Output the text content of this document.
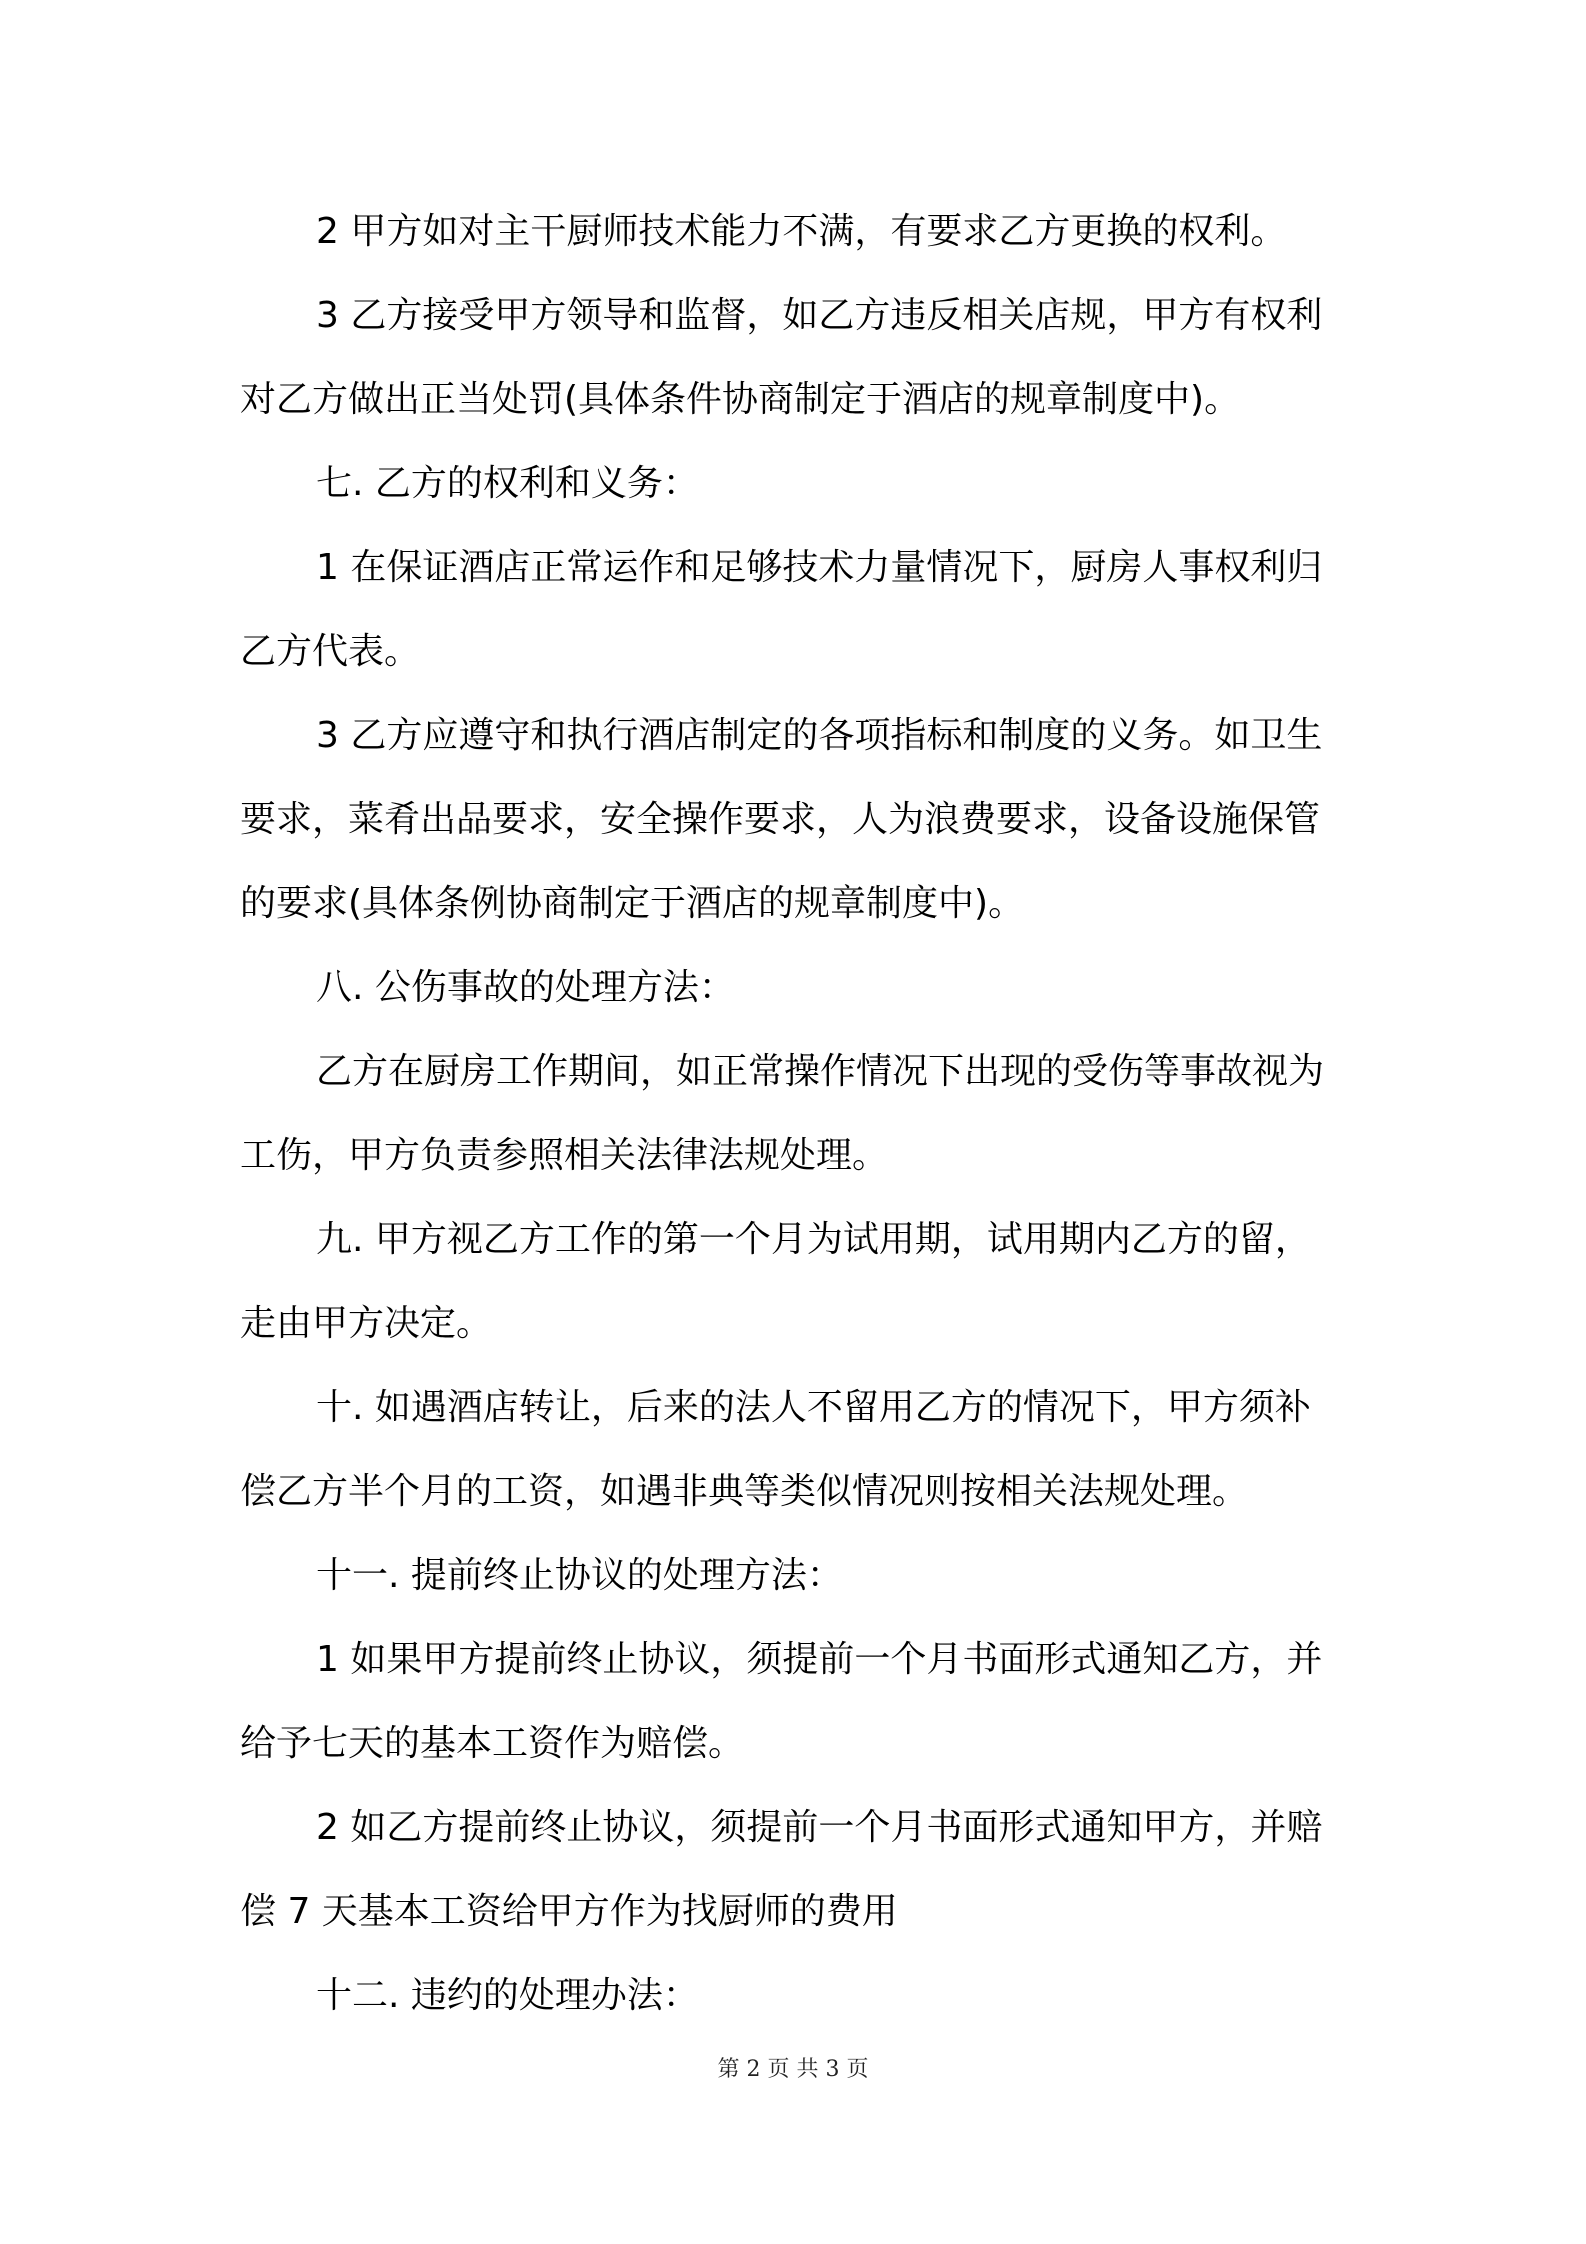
2 甲方如对主干厨师技术能力不满，有要求乙方更换的权利。
3 乙方接受甲方领导和监督，如乙方违反相关店规，甲方有权利
对乙方做出正当处罚(具体条件协商制定于酒店的规章制度中)。
七. 乙方的权利和义务：
1 在保证酒店正常运作和足够技术力量情况下，厨房人事权利归
乙方代表。
3 乙方应遵守和执行酒店制定的各项指标和制度的义务。如卫生
要求，菜肴出品要求，安全操作要求，人为浪费要求，设备设施保管
的要求(具体条例协商制定于酒店的规章制度中)。
八. 公伤事故的处理方法：
乙方在厨房工作期间，如正常操作情况下出现的受伤等事故视为
工伤，甲方负责参照相关法律法规处理。
九. 甲方视乙方工作的第一个月为试用期，试用期内乙方的留，
走由甲方决定。
十. 如遇酒店转让，后来的法人不留用乙方的情况下，甲方须补
偿乙方半个月的工资，如遇非典等类似情况则按相关法规处理。
十一. 提前终止协议的处理方法：
1 如果甲方提前终止协议，须提前一个月书面形式通知乙方，并
给予七天的基本工资作为赔偿。
2 如乙方提前终止协议，须提前一个月书面形式通知甲方，并赔
偿 7 天基本工资给甲方作为找厨师的费用
十二. 违约的处理办法：
第 2 页 共 3 页
